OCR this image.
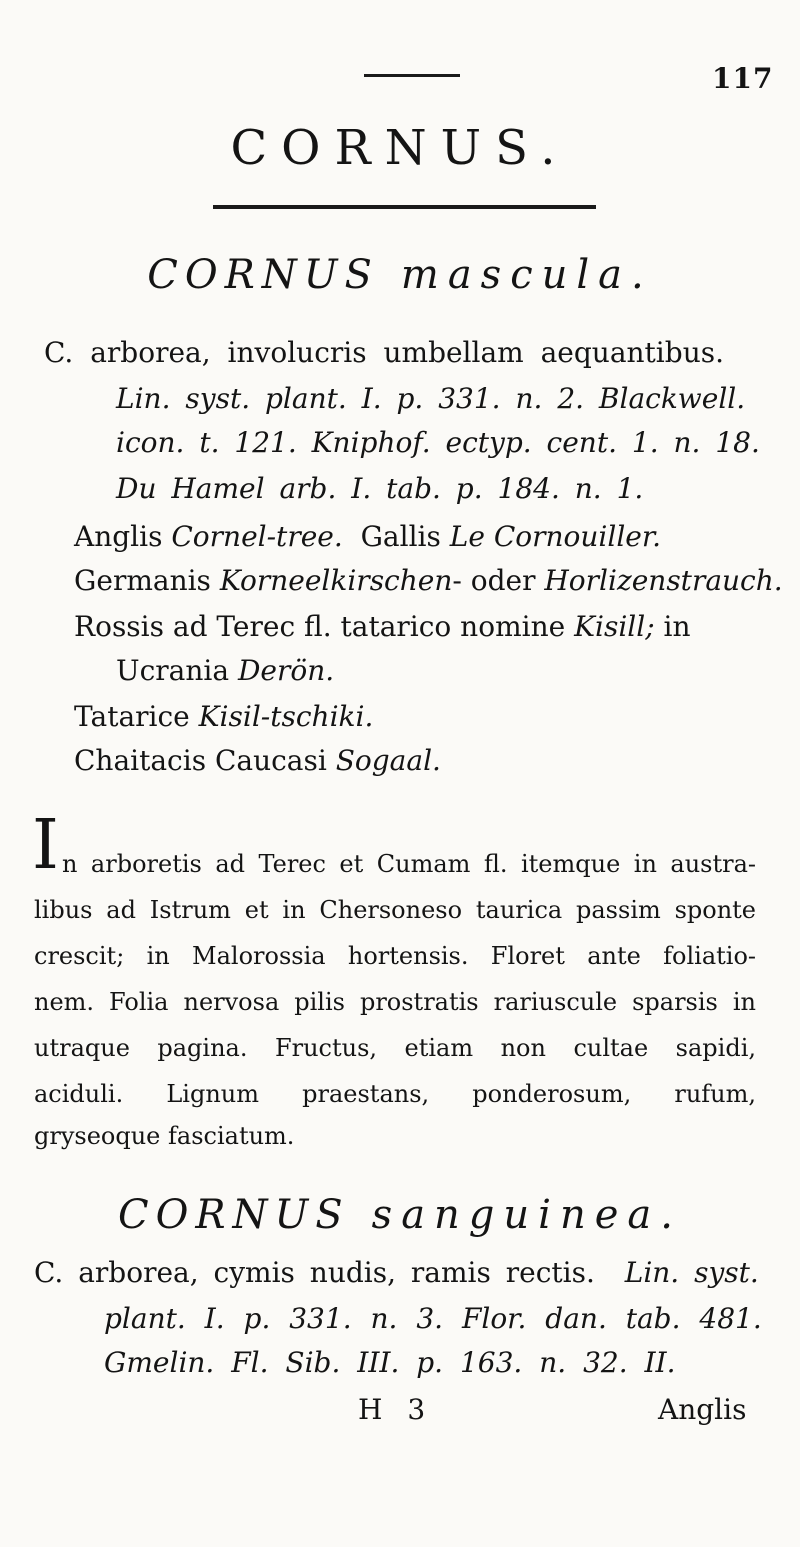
117
CORNUS.
CORNUS mascula.
C. arborea, involucris umbellam aequantibus.
Lin. syst. plant. I. p. 331. n. 2. Blackwell.
icon. t. 121. Kniphof. ectyp. cent. 1. n. 18.
Du Hamel arb. I. tab. p. 184. n. 1.
Anglis Cornel-tree. Gallis Le Cornouiller.
Germanis Korneelkirschen- oder Horlizenstrauch.
Rossis ad Terec fl. tatarico nomine Kisill; in
Ucrania Derön.
Tatarice Kisil-tschiki.
Chaitacis Caucasi Sogaal.
I n arboretis ad Terec et Cumam fl. itemque in austra-
libus ad Istrum et in Chersoneso taurica passim sponte
crescit; in Malorossia hortensis. Floret ante foliatio-
nem. Folia nervosa pilis prostratis rariuscule sparsis in
utraque pagina. Fructus, etiam non cultae sapidi,
aciduli. Lignum praestans, ponderosum, rufum,
gryseoque fasciatum.
CORNUS sanguinea.
C. arborea, cymis nudis, ramis rectis. Lin. syst.
plant. I. p. 331. n. 3. Flor. dan. tab. 481.
Gmelin. Fl. Sib. III. p. 163. n. 32. II.
H 3	Anglis
